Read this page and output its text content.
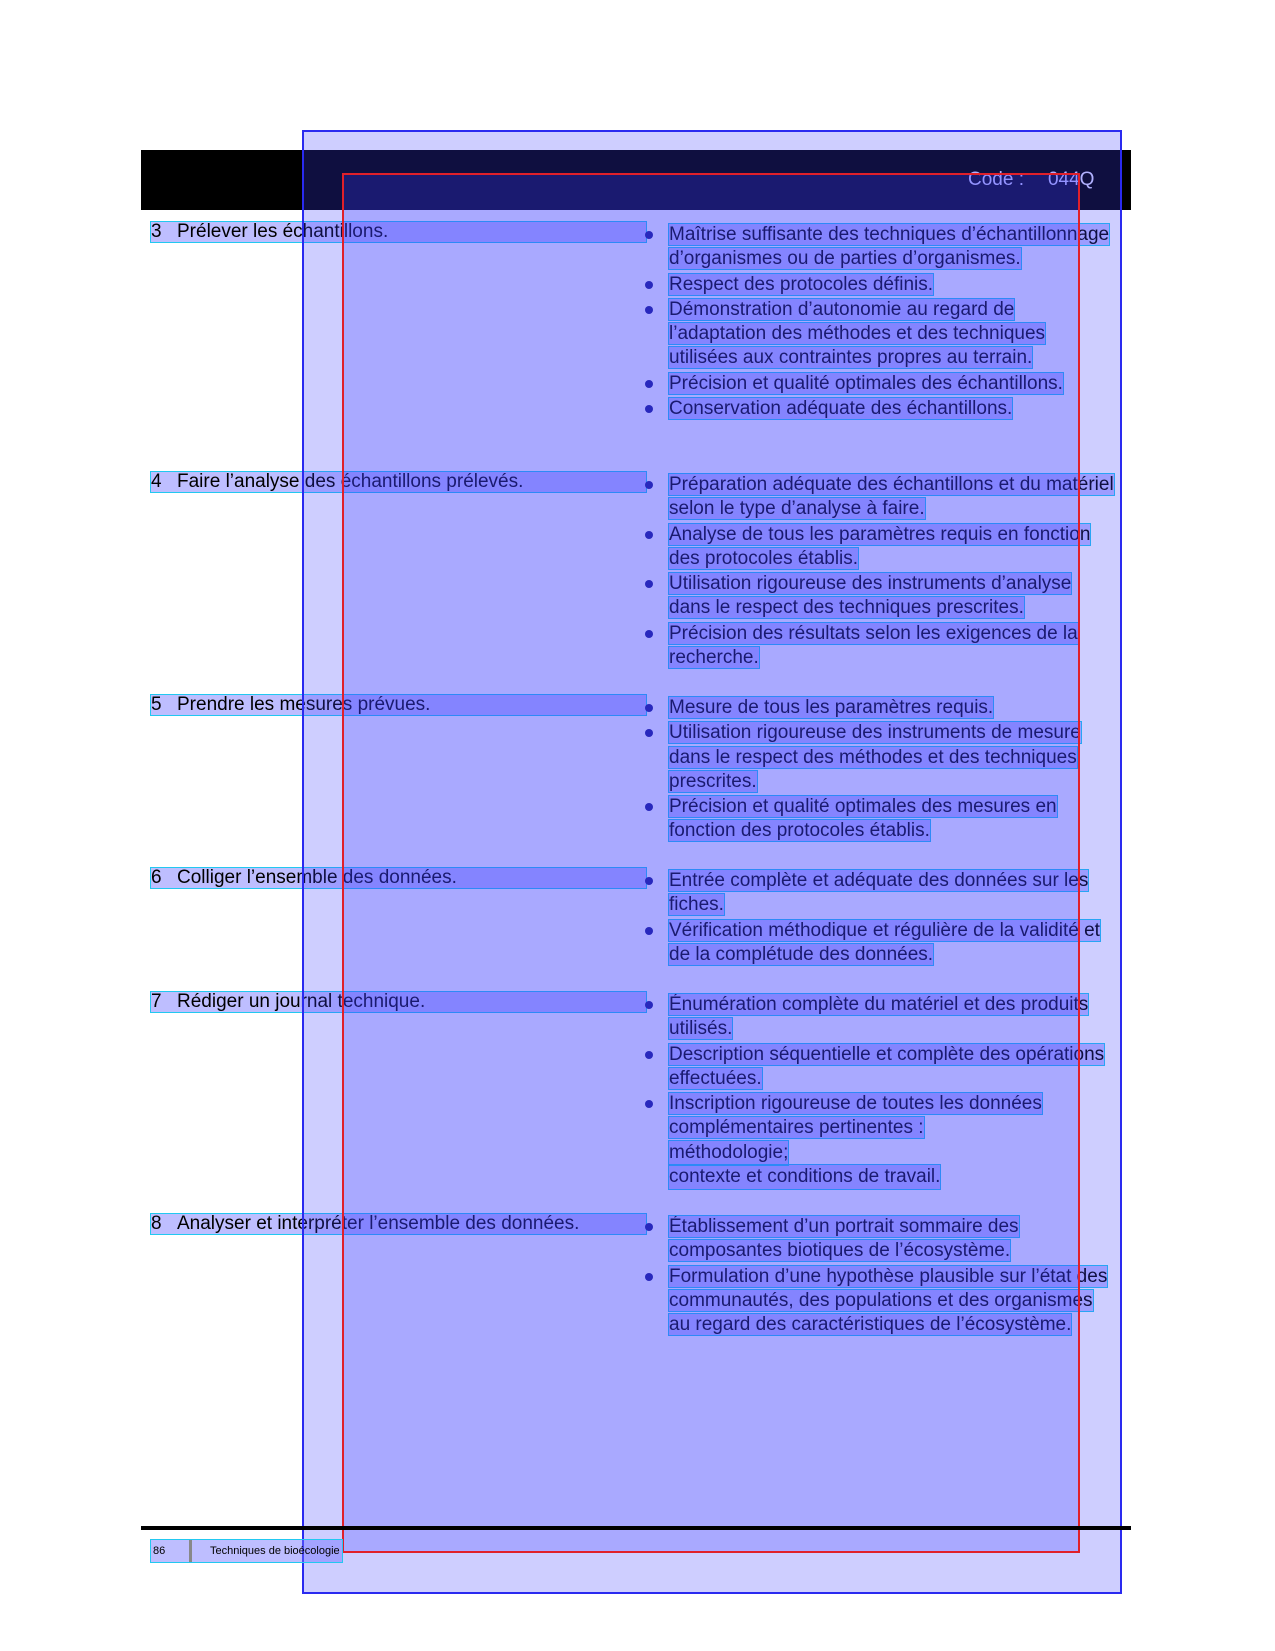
Code : 044Q
3 Prélever les échantillons.	Maîtrise suffisante des techniques d’échantillonnage d’organismes ou de parties d’organismes.
Respect des protocoles définis.
Démonstration d’autonomie au regard de l’adaptation des méthodes et des techniques utilisées aux contraintes propres au terrain.
Précision et qualité optimales des échantillons.
Conservation adéquate des échantillons.
4 Faire l’analyse des échantillons prélevés.	Préparation adéquate des échantillons et du matériel selon le type d’analyse à faire.
Analyse de tous les paramètres requis en fonction des protocoles établis.
Utilisation rigoureuse des instruments d’analyse dans le respect des techniques prescrites.
Précision des résultats selon les exigences de la recherche.
5 Prendre les mesures prévues.	Mesure de tous les paramètres requis.
Utilisation rigoureuse des instruments de mesure dans le respect des méthodes et des techniques prescrites.
Précision et qualité optimales des mesures en fonction des protocoles établis.
6 Colliger l’ensemble des données.	Entrée complète et adéquate des données sur les fiches.
Vérification méthodique et régulière de la validité et de la complétude des données.
7 Rédiger un journal technique.	Énumération complète du matériel et des produits utilisés.
Description séquentielle et complète des opérations effectuées.
Inscription rigoureuse de toutes les données complémentaires pertinentes :
méthodologie;
contexte et conditions de travail.
8 Analyser et interpréter l’ensemble des données.	Établissement d’un portrait sommaire des composantes biotiques de l’écosystème.
Formulation d’une hypothèse plausible sur l’état des communautés, des populations et des organismes au regard des caractéristiques de l’écosystème.
86	Techniques de bioécologie
